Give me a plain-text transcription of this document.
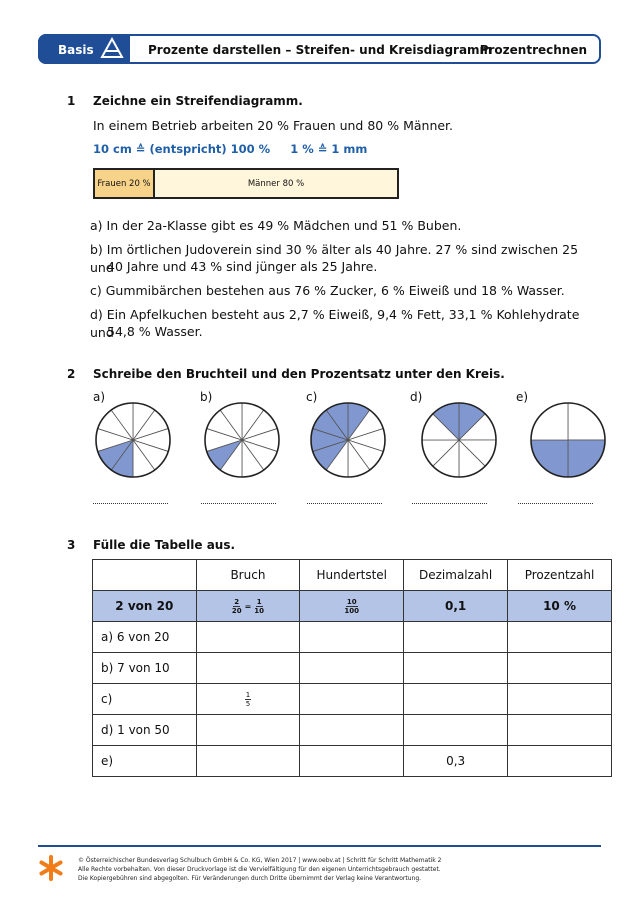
Basis	Prozente darstellen – Streifen- und Kreisdiagramm
Prozentrechnen
1 Zeichne ein Streifendiagramm.
In einem Betrieb arbeiten 20 % Frauen und 80 % Männer.
10 cm ≙ (entspricht) 100 %     1 % ≙ 1 mm
Frauen 20 %	Männer 80 %
a) In der 2a-Klasse gibt es 49 % Mädchen und 51 % Buben.
b) Im örtlichen Judoverein sind 30 % älter als 40 Jahre. 27 % sind zwischen 25 und
40 Jahre und 43 % sind jünger als 25 Jahre.
c) Gummibärchen bestehen aus 76 % Zucker, 6 % Eiweiß und 18 % Wasser.
d) Ein Apfelkuchen besteht aus 2,7 % Eiweiß, 9,4 % Fett, 33,1 % Kohlehydrate und
54,8 % Wasser.
2 Schreibe den Bruchteil und den Prozentsatz unter den Kreis.
a)	b)	c)	d)	e)
3 Fülle die Tabelle aus.
	Bruch	Hundertstel	Dezimalzahl	Prozentzahl
2 von 20	$\frac{2}{20} = \frac{1}{10}$	$\frac{10}{100}$	0,1	10 %
a) 6 von 20				
b) 7 von 10				
c)	$\frac{1}{5}$

d) 1 von 50				
e)			0,3	
© Österreichischer Bundesverlag Schulbuch GmbH & Co. KG, Wien 2017 | www.oebv.at | Schritt für Schritt Mathematik 2
Alle Rechte vorbehalten. Von dieser Druckvorlage ist die Vervielfältigung für den eigenen Unterrichtsgebrauch gestattet.
Die Kopiergebühren sind abgegolten. Für Veränderungen durch Dritte übernimmt der Verlag keine Verantwortung.
